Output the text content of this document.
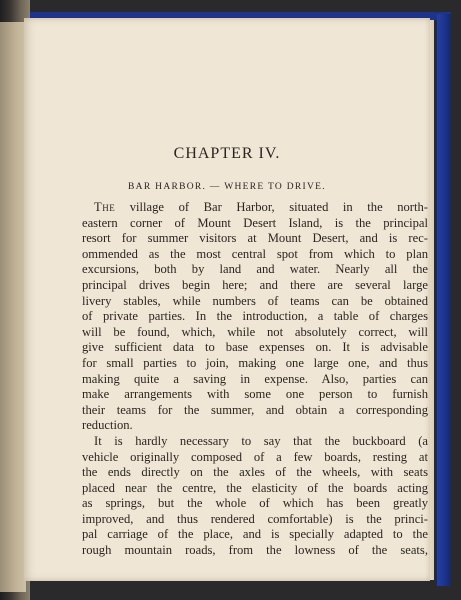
CHAPTER IV.
BAR HARBOR. — WHERE TO DRIVE.
The village of Bar Harbor, situated in the north-
eastern corner of Mount Desert Island, is the principal
resort for summer visitors at Mount Desert, and is rec-
ommended as the most central spot from which to plan
excursions, both by land and water. Nearly all the
principal drives begin here; and there are several large
livery stables, while numbers of teams can be obtained
of private parties. In the introduction, a table of charges
will be found, which, while not absolutely correct, will
give sufficient data to base expenses on. It is advisable
for small parties to join, making one large one, and thus
making quite a saving in expense. Also, parties can
make arrangements with some one person to furnish
their teams for the summer, and obtain a corresponding
reduction.
It is hardly necessary to say that the buckboard (a
vehicle originally composed of a few boards, resting at
the ends directly on the axles of the wheels, with seats
placed near the centre, the elasticity of the boards acting
as springs, but the whole of which has been greatly
improved, and thus rendered comfortable) is the princi-
pal carriage of the place, and is specially adapted to the
rough mountain roads, from the lowness of the seats,
